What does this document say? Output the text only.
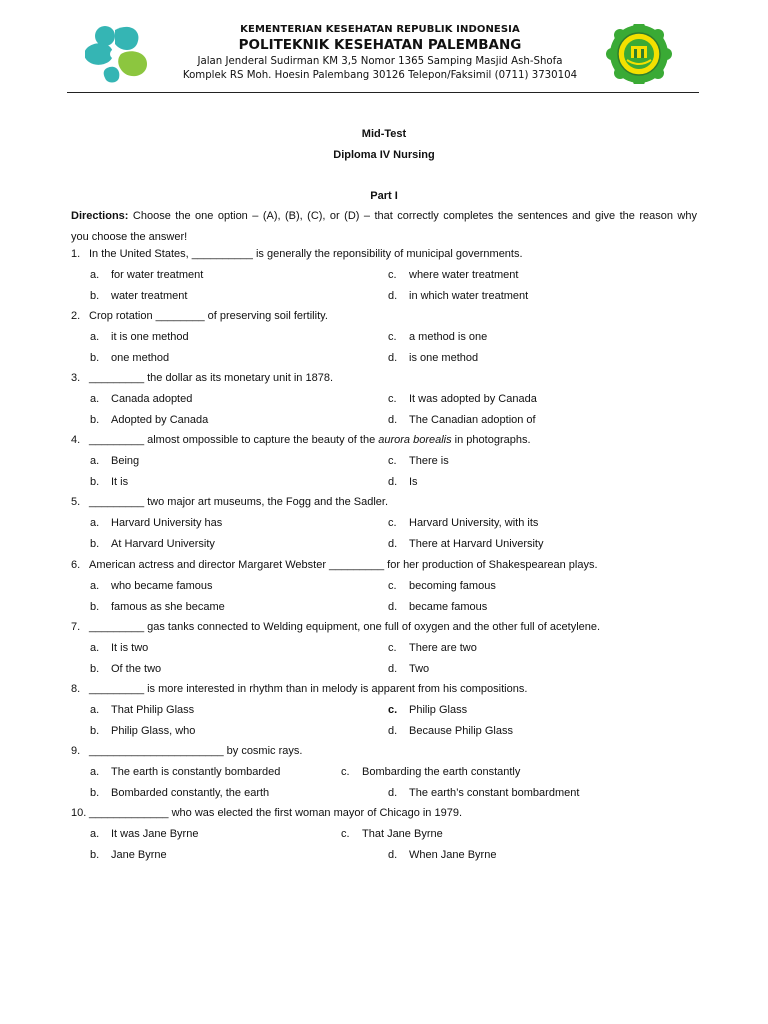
KEMENTERIAN KESEHATAN REPUBLIK INDONESIA
POLITEKNIK KESEHATAN PALEMBANG
Jalan Jenderal Sudirman KM 3,5 Nomor 1365 Samping Masjid Ash-Shofa
Komplek RS Moh. Hoesin Palembang 30126 Telepon/Faksimil (0711) 3730104
Mid-Test
Diploma IV Nursing
Part I
Directions: Choose the one option – (A), (B), (C), or (D) – that correctly completes the sentences and give the reason why
you choose the answer!
1. In the United States, __________ is generally the reponsibility of municipal governments.
a. for water treatment
b. water treatment
c. where water treatment
d. in which water treatment
2. Crop rotation ________ of preserving soil fertility.
a. it is one method
b. one method
c. a method is one
d. is one method
3. _________ the dollar as its monetary unit in 1878.
a. Canada adopted
b. Adopted by Canada
c. It was adopted by Canada
d. The Canadian adoption of
4. _________ almost ompossible to capture the beauty of the aurora borealis in photographs.
a. Being
b. It is
c. There is
d. Is
5. _________ two major art museums, the Fogg and the Sadler.
a. Harvard University has
b. At Harvard University
c. Harvard University, with its
d. There at Harvard University
6. American actress and director Margaret Webster _________ for her production of Shakespearean plays.
a. who became famous
b. famous as she became
c. becoming famous
d. became famous
7. _________ gas tanks connected to Welding equipment, one full of oxygen and the other full of acetylene.
a. It is two
b. Of the two
c. There are two
d. Two
8. _________ is more interested in rhythm than in melody is apparent from his compositions.
a. That Philip Glass
b. Philip Glass, who
c. Philip Glass
d. Because Philip Glass
9. ______________________ by cosmic rays.
a. The earth is constantly bombarded
b. Bombarded constantly, the earth
c. Bombarding the earth constantly
d. The earth’s constant bombardment
10. _____________ who was elected the first woman mayor of Chicago in 1979.
a. It was Jane Byrne
b. Jane Byrne
c. That Jane Byrne
d. When Jane Byrne
